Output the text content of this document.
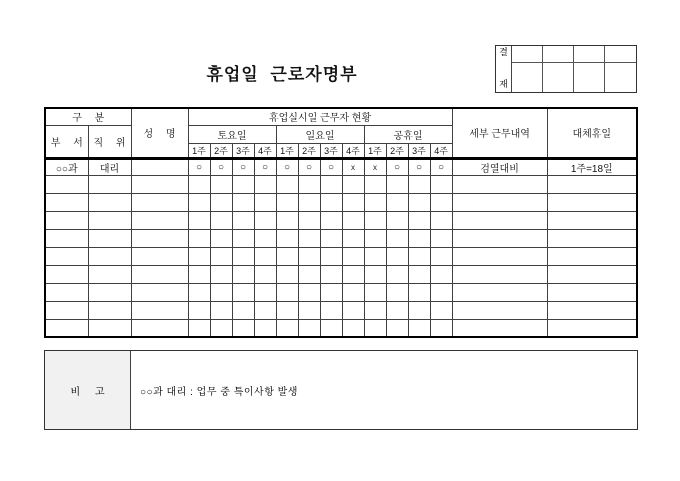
휴업일 근로자명부
결
재
구 분		성 명	휴업실시일 근무자 현황												세부 근무내역	대체휴일
부 서	직 위		토요일				일요일				공휴일					
			1주	2주	3주	4주	1주	2주	3주	4주	1주	2주	3주	4주		
○○과	대리		○	○	○	○	○	○	○	x	x	○	○	○	검열대비	1주=18일

비 고	○○과 대리 : 업무 중 특이사항 발생
